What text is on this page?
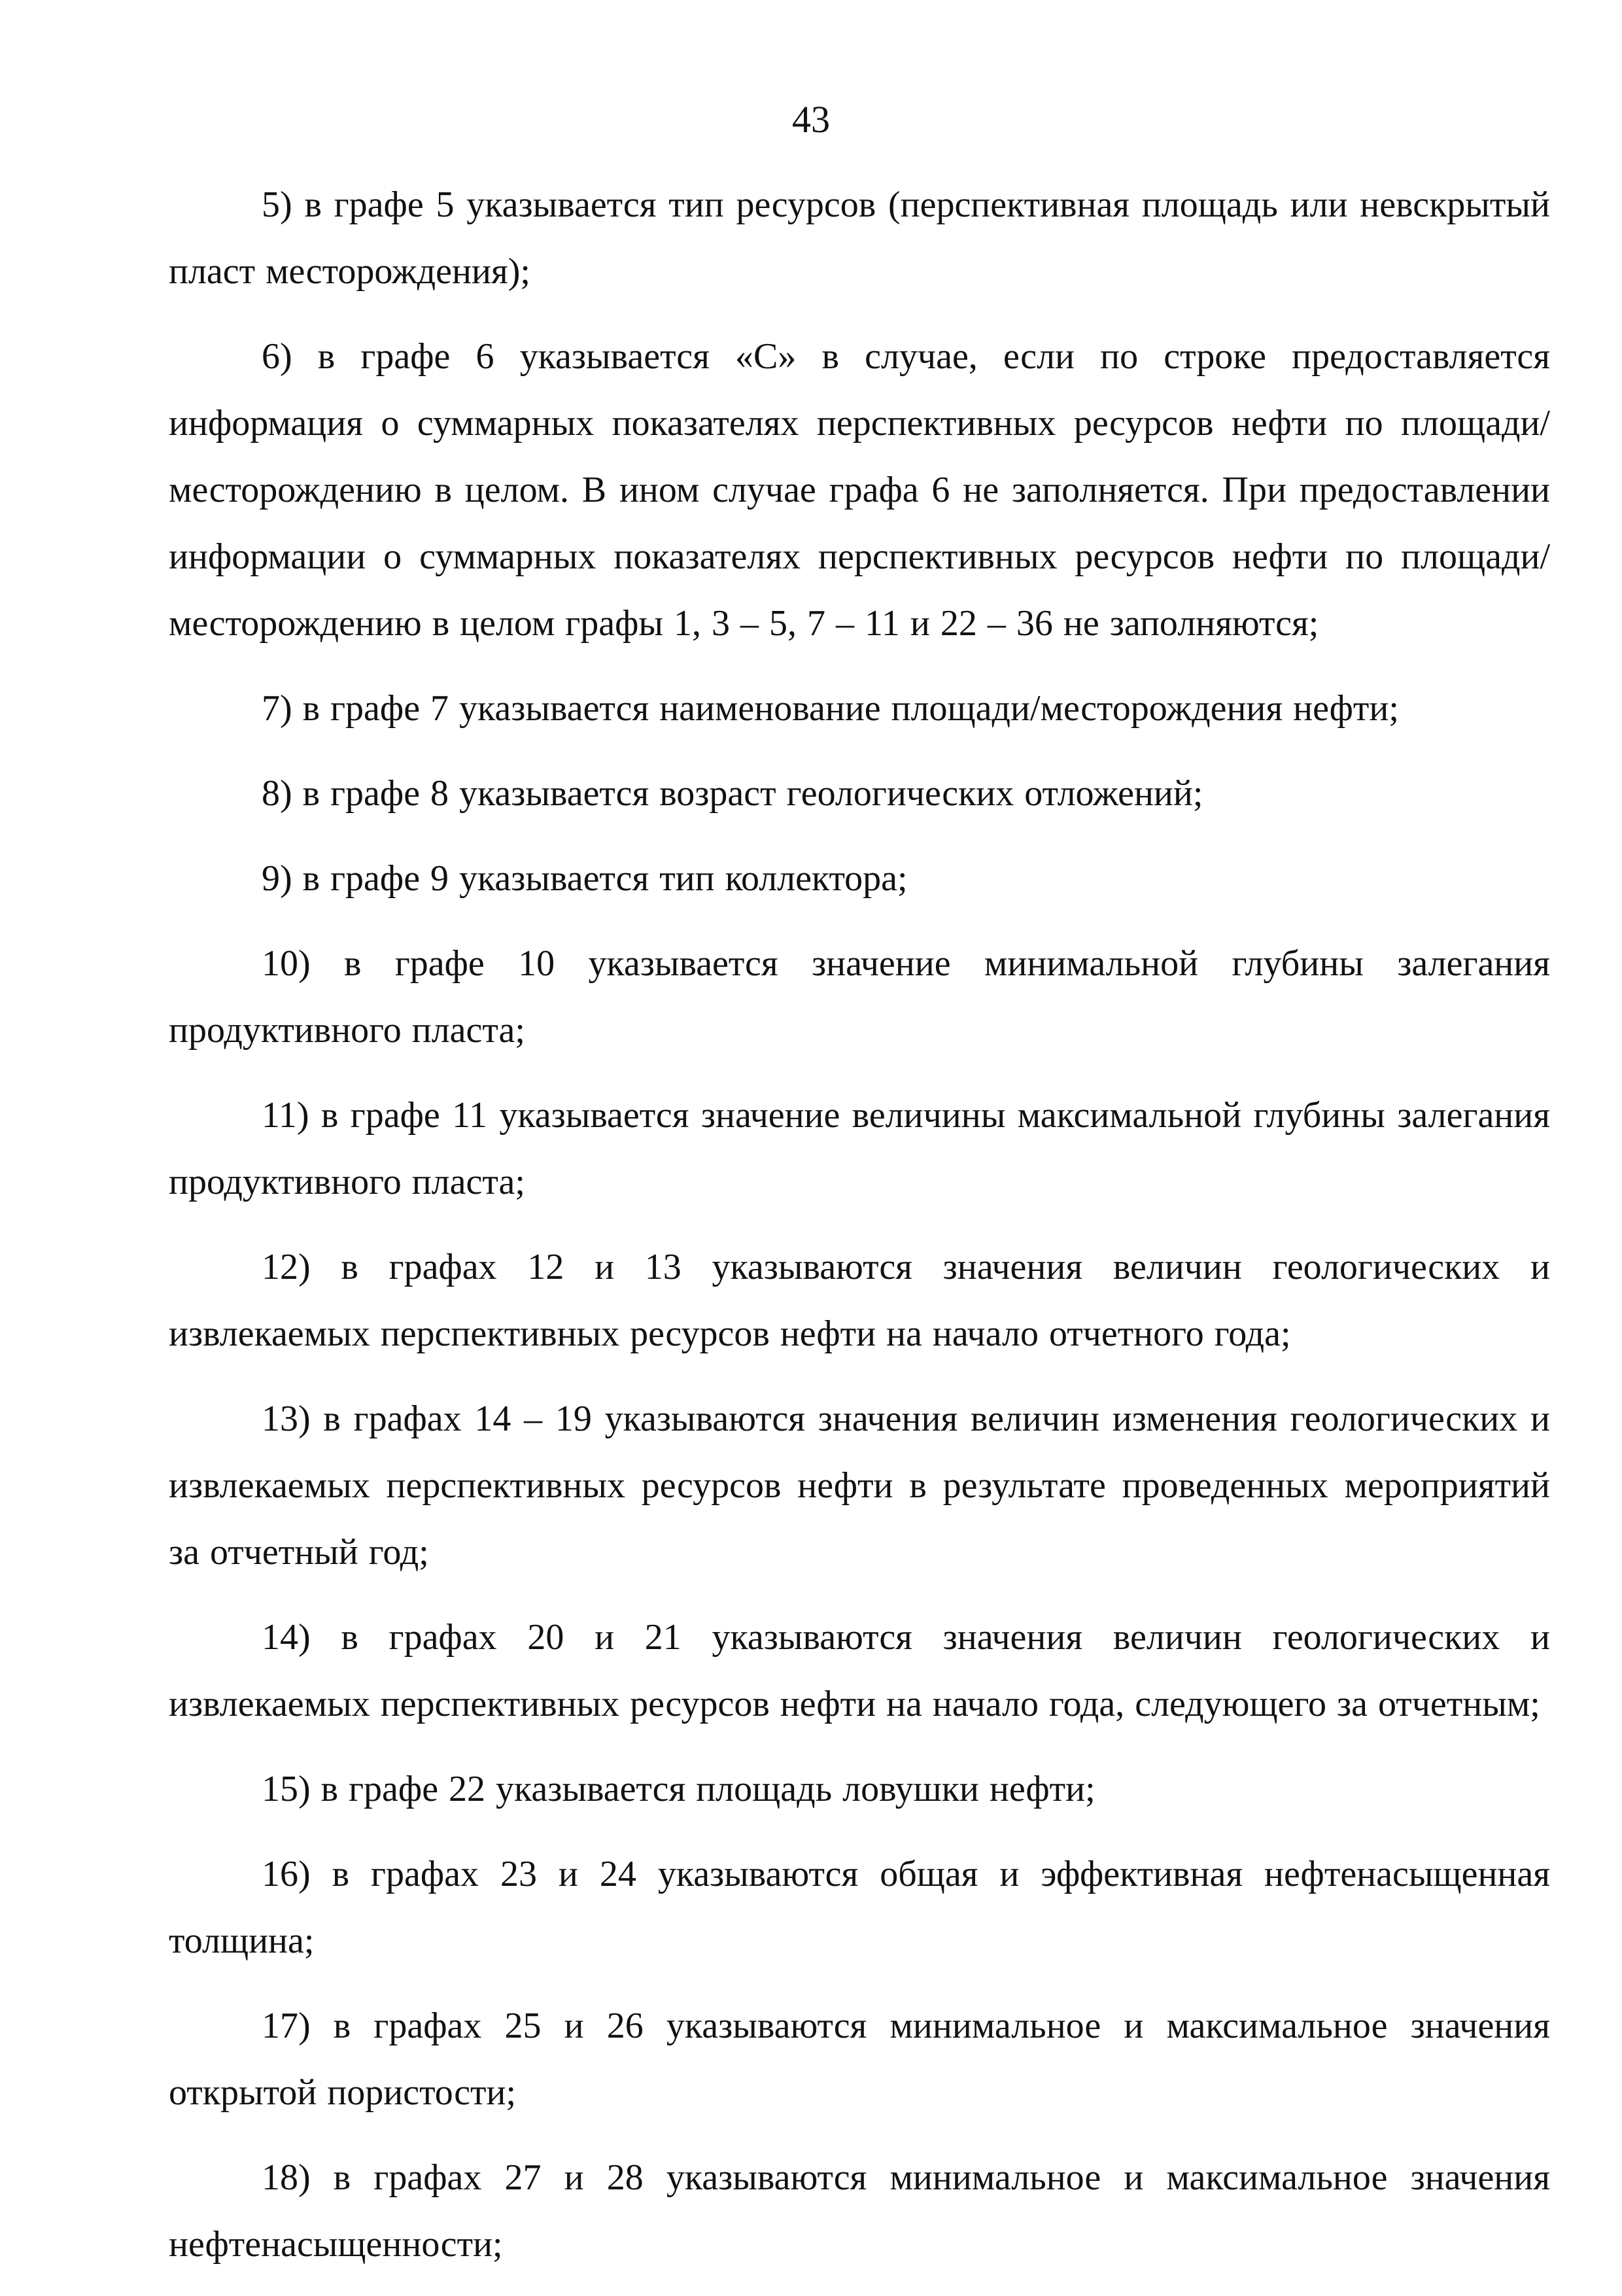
43

5) в графе 5 указывается тип ресурсов (перспективная площадь или невскрытый пласт месторождения);

6) в графе 6 указывается «С» в случае, если по строке предоставляется информация о суммарных показателях перспективных ресурсов нефти по площади/месторождению в целом. В ином случае графа 6 не заполняется. При предоставлении информации о суммарных показателях перспективных ресурсов нефти по площади/месторождению в целом графы 1, 3 – 5, 7 – 11 и 22 – 36 не заполняются;

7) в графе 7 указывается наименование площади/месторождения нефти;

8) в графе 8 указывается возраст геологических отложений;

9) в графе 9 указывается тип коллектора;

10) в графе 10 указывается значение минимальной глубины залегания продуктивного пласта;

11) в графе 11 указывается значение величины максимальной глубины залегания продуктивного пласта;

12) в графах 12 и 13 указываются значения величин геологических и извлекаемых перспективных ресурсов нефти на начало отчетного года;

13) в графах 14 – 19 указываются значения величин изменения геологических и извлекаемых перспективных ресурсов нефти в результате проведенных мероприятий за отчетный год;

14) в графах 20 и 21 указываются значения величин геологических и извлекаемых перспективных ресурсов нефти на начало года, следующего за отчетным;

15) в графе 22 указывается площадь ловушки нефти;

16) в графах 23 и 24 указываются общая и эффективная нефтенасыщенная толщина;

17) в графах 25 и 26 указываются минимальное и максимальное значения открытой пористости;

18) в графах 27 и 28 указываются минимальное и максимальное значения нефтенасыщенности;
